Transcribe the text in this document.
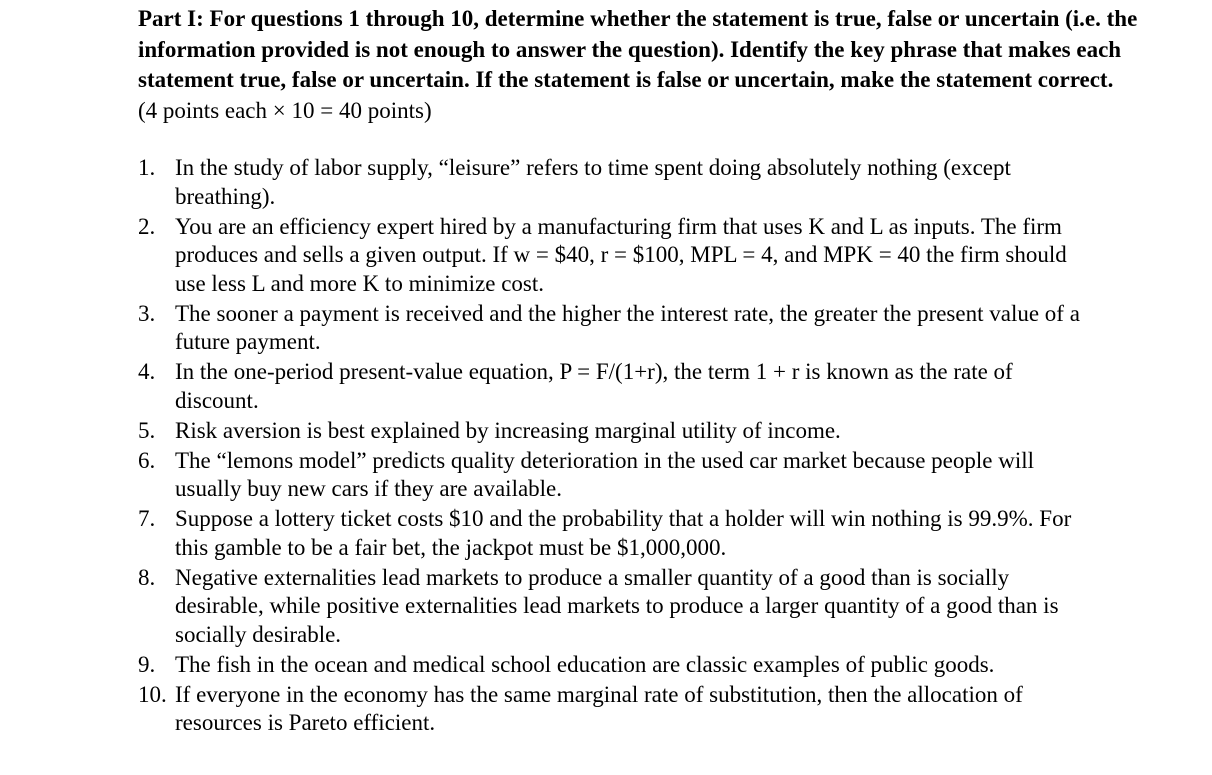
Part I: For questions 1 through 10, determine whether the statement is true, false or uncertain (i.e. the information provided is not enough to answer the question). Identify the key phrase that makes each statement true, false or uncertain. If the statement is false or uncertain, make the statement correct. (4 points each × 10 = 40 points)

1. In the study of labor supply, “leisure” refers to time spent doing absolutely nothing (except breathing).
2. You are an efficiency expert hired by a manufacturing firm that uses K and L as inputs. The firm produces and sells a given output. If w = $40, r = $100, MPL = 4, and MPK = 40 the firm should use less L and more K to minimize cost.
3. The sooner a payment is received and the higher the interest rate, the greater the present value of a future payment.
4. In the one-period present-value equation, P = F/(1+r), the term 1 + r is known as the rate of discount.
5. Risk aversion is best explained by increasing marginal utility of income.
6. The “lemons model” predicts quality deterioration in the used car market because people will usually buy new cars if they are available.
7. Suppose a lottery ticket costs $10 and the probability that a holder will win nothing is 99.9%. For this gamble to be a fair bet, the jackpot must be $1,000,000.
8. Negative externalities lead markets to produce a smaller quantity of a good than is socially desirable, while positive externalities lead markets to produce a larger quantity of a good than is socially desirable.
9. The fish in the ocean and medical school education are classic examples of public goods.
10. If everyone in the economy has the same marginal rate of substitution, then the allocation of resources is Pareto efficient.
